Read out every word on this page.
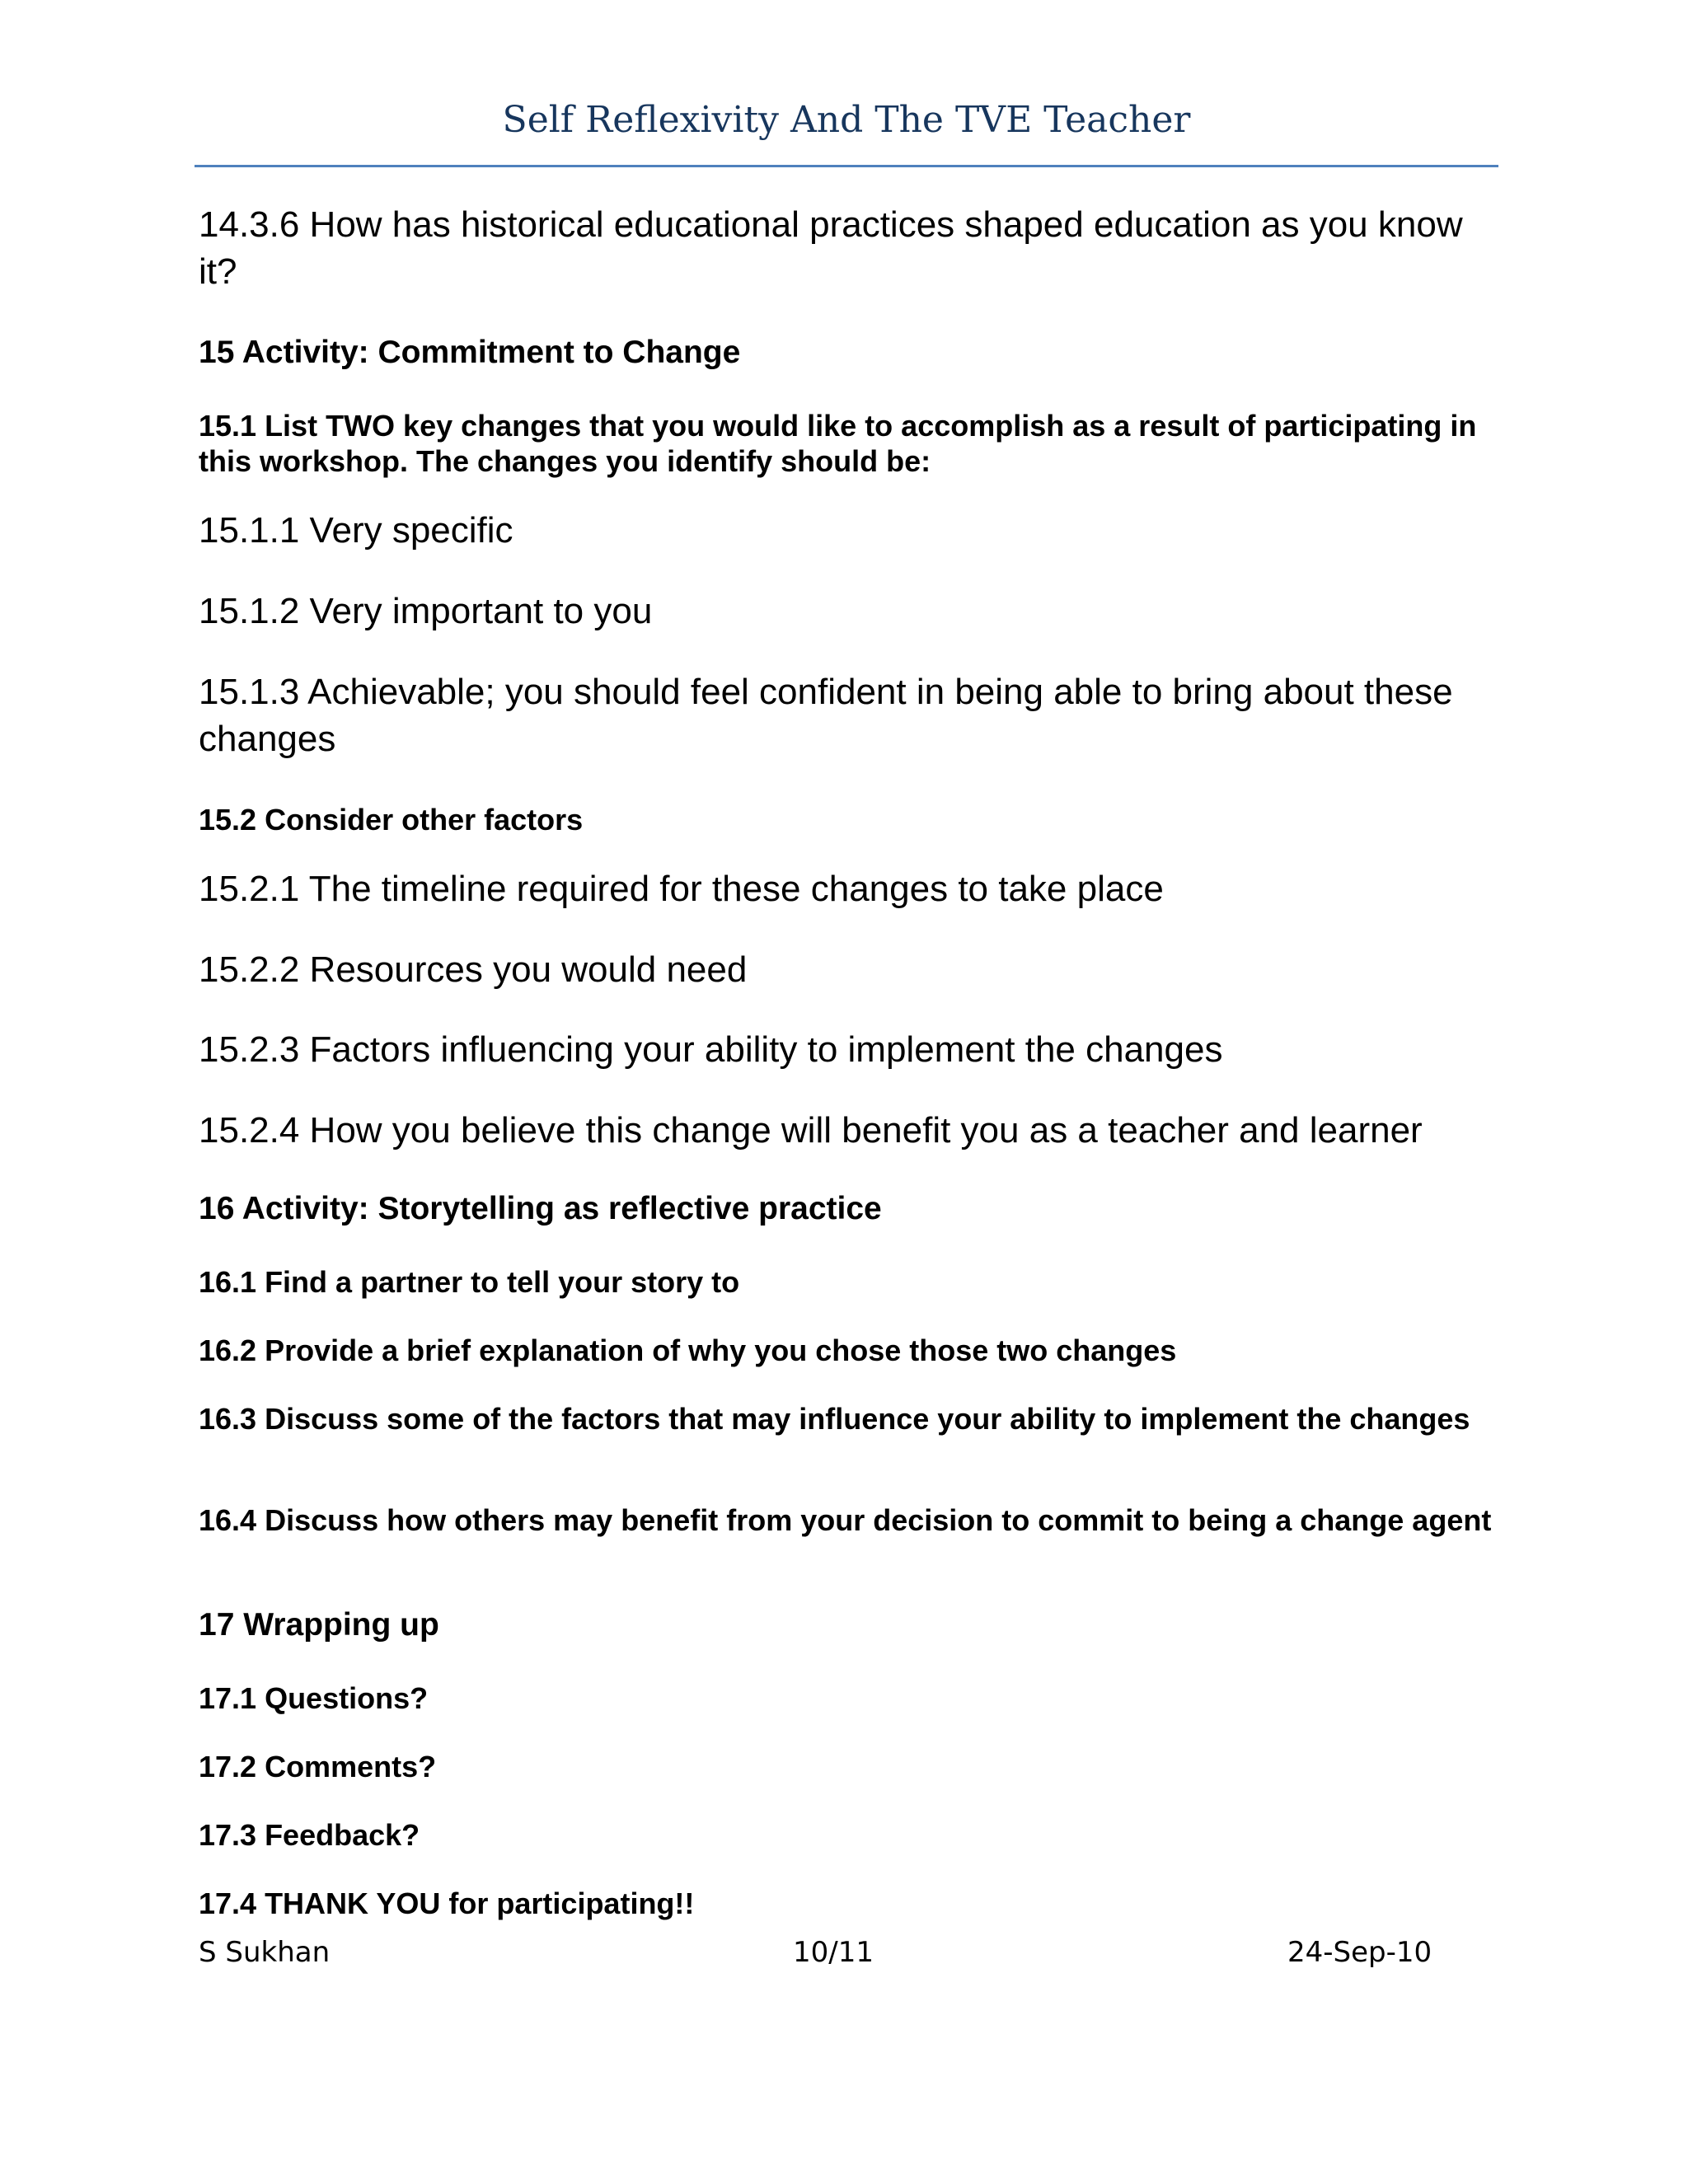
Self Reflexivity And The TVE Teacher
14.3.6 How has historical educational practices shaped education as you know it?
15 Activity: Commitment to Change
15.1 List TWO key changes that you would like to accomplish as a result of participating in this workshop. The changes you identify should be:
15.1.1 Very specific
15.1.2 Very important to you
15.1.3 Achievable; you should feel confident in being able to bring about these changes
15.2 Consider other factors
15.2.1 The timeline required for these changes to take place
15.2.2 Resources you would need
15.2.3 Factors influencing your ability to implement the changes
15.2.4 How you believe this change will benefit you as a teacher and learner
16 Activity: Storytelling as reflective practice
16.1 Find a partner to tell your story to
16.2 Provide a brief explanation of why you chose those two changes
16.3 Discuss some of the factors that may influence your ability to implement the changes
16.4 Discuss how others may benefit from your decision to commit to being a change agent
17 Wrapping up
17.1 Questions?
17.2 Comments?
17.3 Feedback?
17.4 THANK YOU for participating!!
S Sukhan	10/11	24-Sep-10
